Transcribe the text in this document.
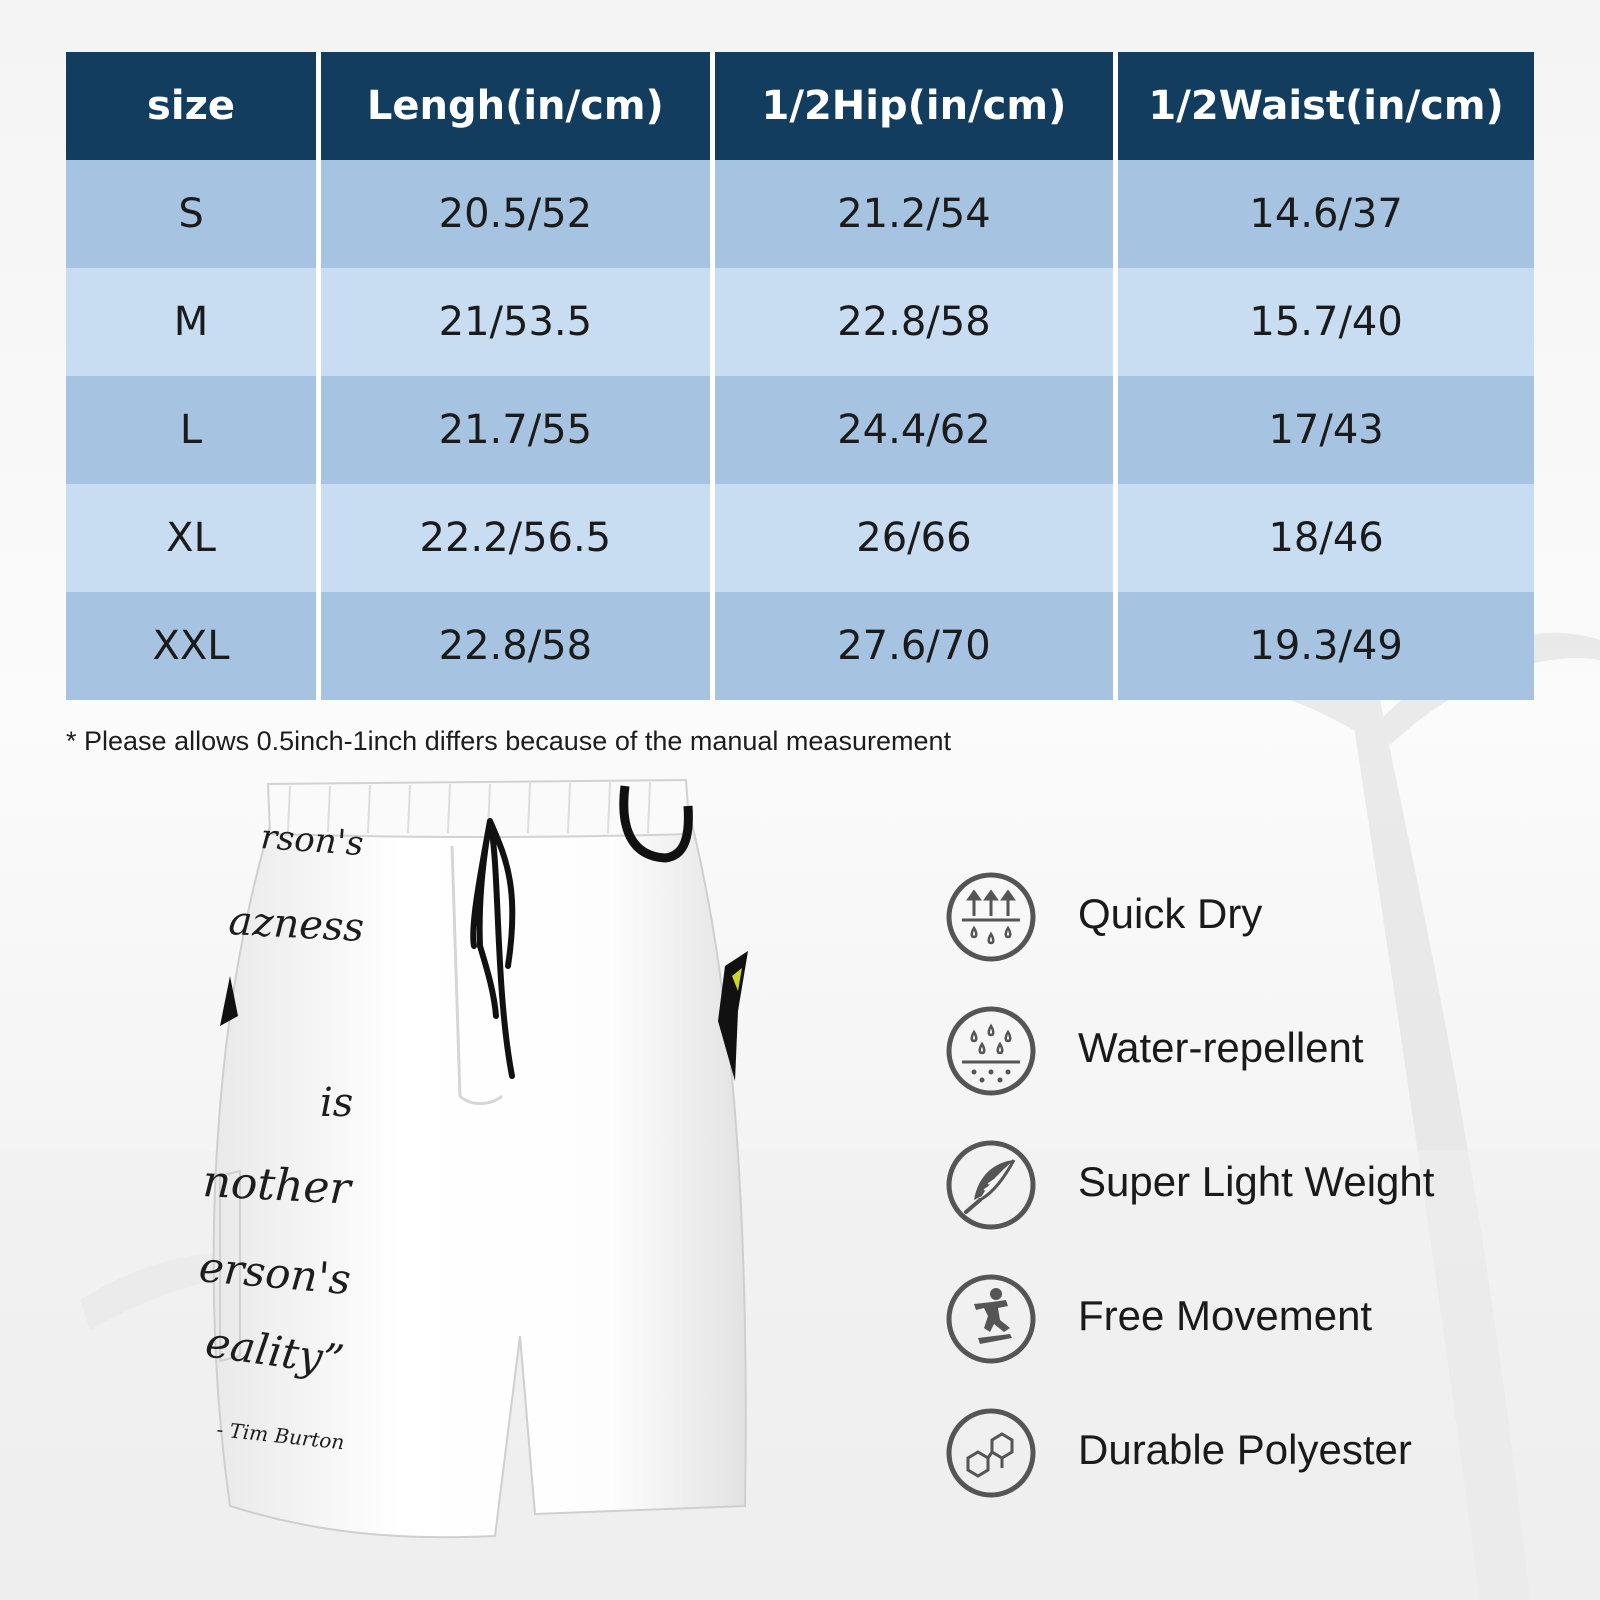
size	Lengh(in/cm)	1/2Hip(in/cm)	1/2Waist(in/cm)
S	20.5/52	21.2/54	14.6/37
M	21/53.5	22.8/58	15.7/40
L	21.7/55	24.4/62	17/43
XL	22.2/56.5	26/66	18/46
XXL	22.8/58	27.6/70	19.3/49
* Please allows 0.5inch-1inch differs because of the manual measurement
rson's
azness
is
nother
erson's
eality”
- Tim Burton
Quick Dry
Water-repellent
Super Light Weight
Free Movement
Durable Polyester
